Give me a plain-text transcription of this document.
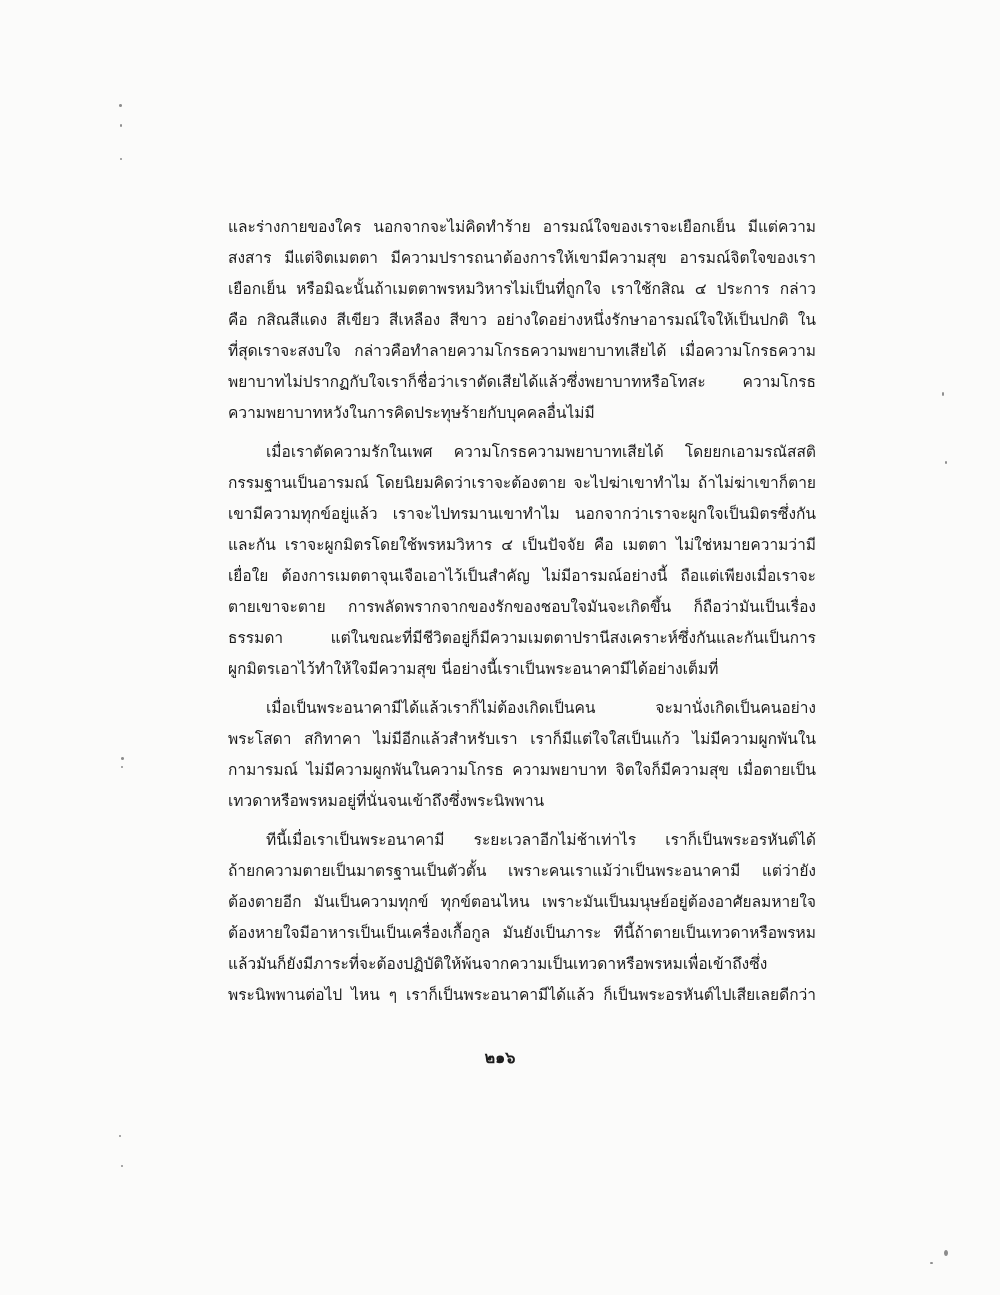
และร่างกายของใคร นอกจากจะไม่คิดทำร้าย อารมณ์ใจของเราจะเยือกเย็น มีแต่ความ
สงสาร มีแต่จิตเมตตา มีความปรารถนาต้องการให้เขามีความสุข อารมณ์จิตใจของเรา
เยือกเย็น หรือมิฉะนั้นถ้าเมตตาพรหมวิหารไม่เป็นที่ถูกใจ เราใช้กสิณ ๔ ประการ กล่าว
คือ กสิณสีแดง สีเขียว สีเหลือง สีขาว อย่างใดอย่างหนึ่งรักษาอารมณ์ใจให้เป็นปกติ ใน
ที่สุดเราจะสงบใจ กล่าวคือทำลายความโกรธความพยาบาทเสียได้ เมื่อความโกรธความ
พยาบาทไม่ปรากฏกับใจเราก็ชื่อว่าเราตัดเสียได้แล้วซึ่งพยาบาทหรือโทสะ ความโกรธ
ความพยาบาทหวังในการคิดประทุษร้ายกับบุคคลอื่นไม่มี
เมื่อเราตัดความรักในเพศ ความโกรธความพยาบาทเสียได้ โดยยกเอามรณัสสติ
กรรมฐานเป็นอารมณ์ โดยนิยมคิดว่าเราจะต้องตาย จะไปฆ่าเขาทำไม ถ้าไม่ฆ่าเขาก็ตาย
เขามีความทุกข์อยู่แล้ว เราจะไปทรมานเขาทำไม นอกจากว่าเราจะผูกใจเป็นมิตรซึ่งกัน
และกัน เราจะผูกมิตรโดยใช้พรหมวิหาร ๔ เป็นปัจจัย คือ เมตตา ไม่ใช่หมายความว่ามี
เยื่อใย ต้องการเมตตาจุนเจือเอาไว้เป็นสำคัญ ไม่มีอารมณ์อย่างนี้ ถือแต่เพียงเมื่อเราจะ
ตายเขาจะตาย การพลัดพรากจากของรักของชอบใจมันจะเกิดขึ้น ก็ถือว่ามันเป็นเรื่อง
ธรรมดา แต่ในขณะที่มีชีวิตอยู่ก็มีความเมตตาปรานีสงเคราะห์ซึ่งกันและกันเป็นการ
ผูกมิตรเอาไว้ทำให้ใจมีความสุข นี่อย่างนี้เราเป็นพระอนาคามีได้อย่างเต็มที่
เมื่อเป็นพระอนาคามีได้แล้วเราก็ไม่ต้องเกิดเป็นคน จะมานั่งเกิดเป็นคนอย่าง
พระโสดา สกิทาคา ไม่มีอีกแล้วสำหรับเรา เราก็มีแต่ใจใสเป็นแก้ว ไม่มีความผูกพันใน
กามารมณ์ ไม่มีความผูกพันในความโกรธ ความพยาบาท จิตใจก็มีความสุข เมื่อตายเป็น
เทวดาหรือพรหมอยู่ที่นั่นจนเข้าถึงซึ่งพระนิพพาน
ทีนี้เมื่อเราเป็นพระอนาคามี ระยะเวลาอีกไม่ช้าเท่าไร เราก็เป็นพระอรหันต์ได้
ถ้ายกความตายเป็นมาตรฐานเป็นตัวตั้น เพราะคนเราแม้ว่าเป็นพระอนาคามี แต่ว่ายัง
ต้องตายอีก มันเป็นความทุกข์ ทุกข์ตอนไหน เพราะมันเป็นมนุษย์อยู่ต้องอาศัยลมหายใจ
ต้องหายใจมีอาหารเป็นเป็นเครื่องเกื้อกูล มันยังเป็นภาระ ทีนี้ถ้าตายเป็นเทวดาหรือพรหม
แล้วมันก็ยังมีภาระที่จะต้องปฏิบัติให้พ้นจากความเป็นเทวดาหรือพรหมเพื่อเข้าถึงซึ่ง
พระนิพพานต่อไป ไหน ๆ เราก็เป็นพระอนาคามีได้แล้ว ก็เป็นพระอรหันต์ไปเสียเลยดีกว่า
๒๑๖
